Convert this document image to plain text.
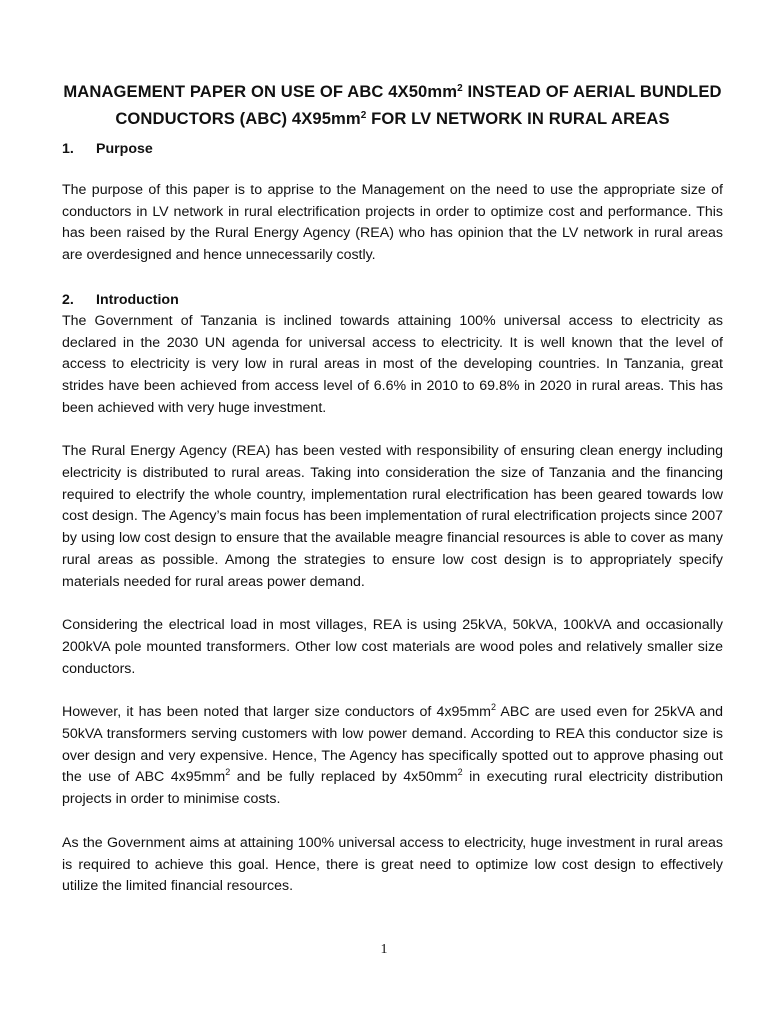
MANAGEMENT PAPER ON USE OF ABC $4X50mm^2$ INSTEAD OF AERIAL BUNDLED CONDUCTORS (ABC) $4X95mm^2$ FOR LV NETWORK IN RURAL AREAS
1. Purpose

The purpose of this paper is to apprise to the Management on the need to use the appropriate size of conductors in LV network in rural electrification projects in order to optimize cost and performance. This has been raised by the Rural Energy Agency (REA) who has opinion that the LV network in rural areas are overdesigned and hence unnecessarily costly.

2. Introduction

The Government of Tanzania is inclined towards attaining 100% universal access to electricity as declared in the 2030 UN agenda for universal access to electricity. It is well known that the level of access to electricity is very low in rural areas in most of the developing countries. In Tanzania, great strides have been achieved from access level of 6.6% in 2010 to 69.8% in 2020 in rural areas. This has been achieved with very huge investment.

The Rural Energy Agency (REA) has been vested with responsibility of ensuring clean energy including electricity is distributed to rural areas. Taking into consideration the size of Tanzania and the financing required to electrify the whole country, implementation rural electrification has been geared towards low cost design. The Agency’s main focus has been implementation of rural electrification projects since 2007 by using low cost design to ensure that the available meagre financial resources is able to cover as many rural areas as possible. Among the strategies to ensure low cost design is to appropriately specify materials needed for rural areas power demand.

Considering the electrical load in most villages, REA is using 25kVA, 50kVA, 100kVA and occasionally 200kVA pole mounted transformers. Other low cost materials are wood poles and relatively smaller size conductors.

However, it has been noted that larger size conductors of $4x95mm^2$ ABC are used even for 25kVA and 50kVA transformers serving customers with low power demand. According to REA this conductor size is over design and very expensive. Hence, The Agency has specifically spotted out to approve phasing out the use of ABC $4x95mm^2$ and be fully replaced by $4x50mm^2$ in executing rural electricity distribution projects in order to minimise costs.

As the Government aims at attaining 100% universal access to electricity, huge investment in rural areas is required to achieve this goal. Hence, there is great need to optimize low cost design to effectively utilize the limited financial resources.

1
